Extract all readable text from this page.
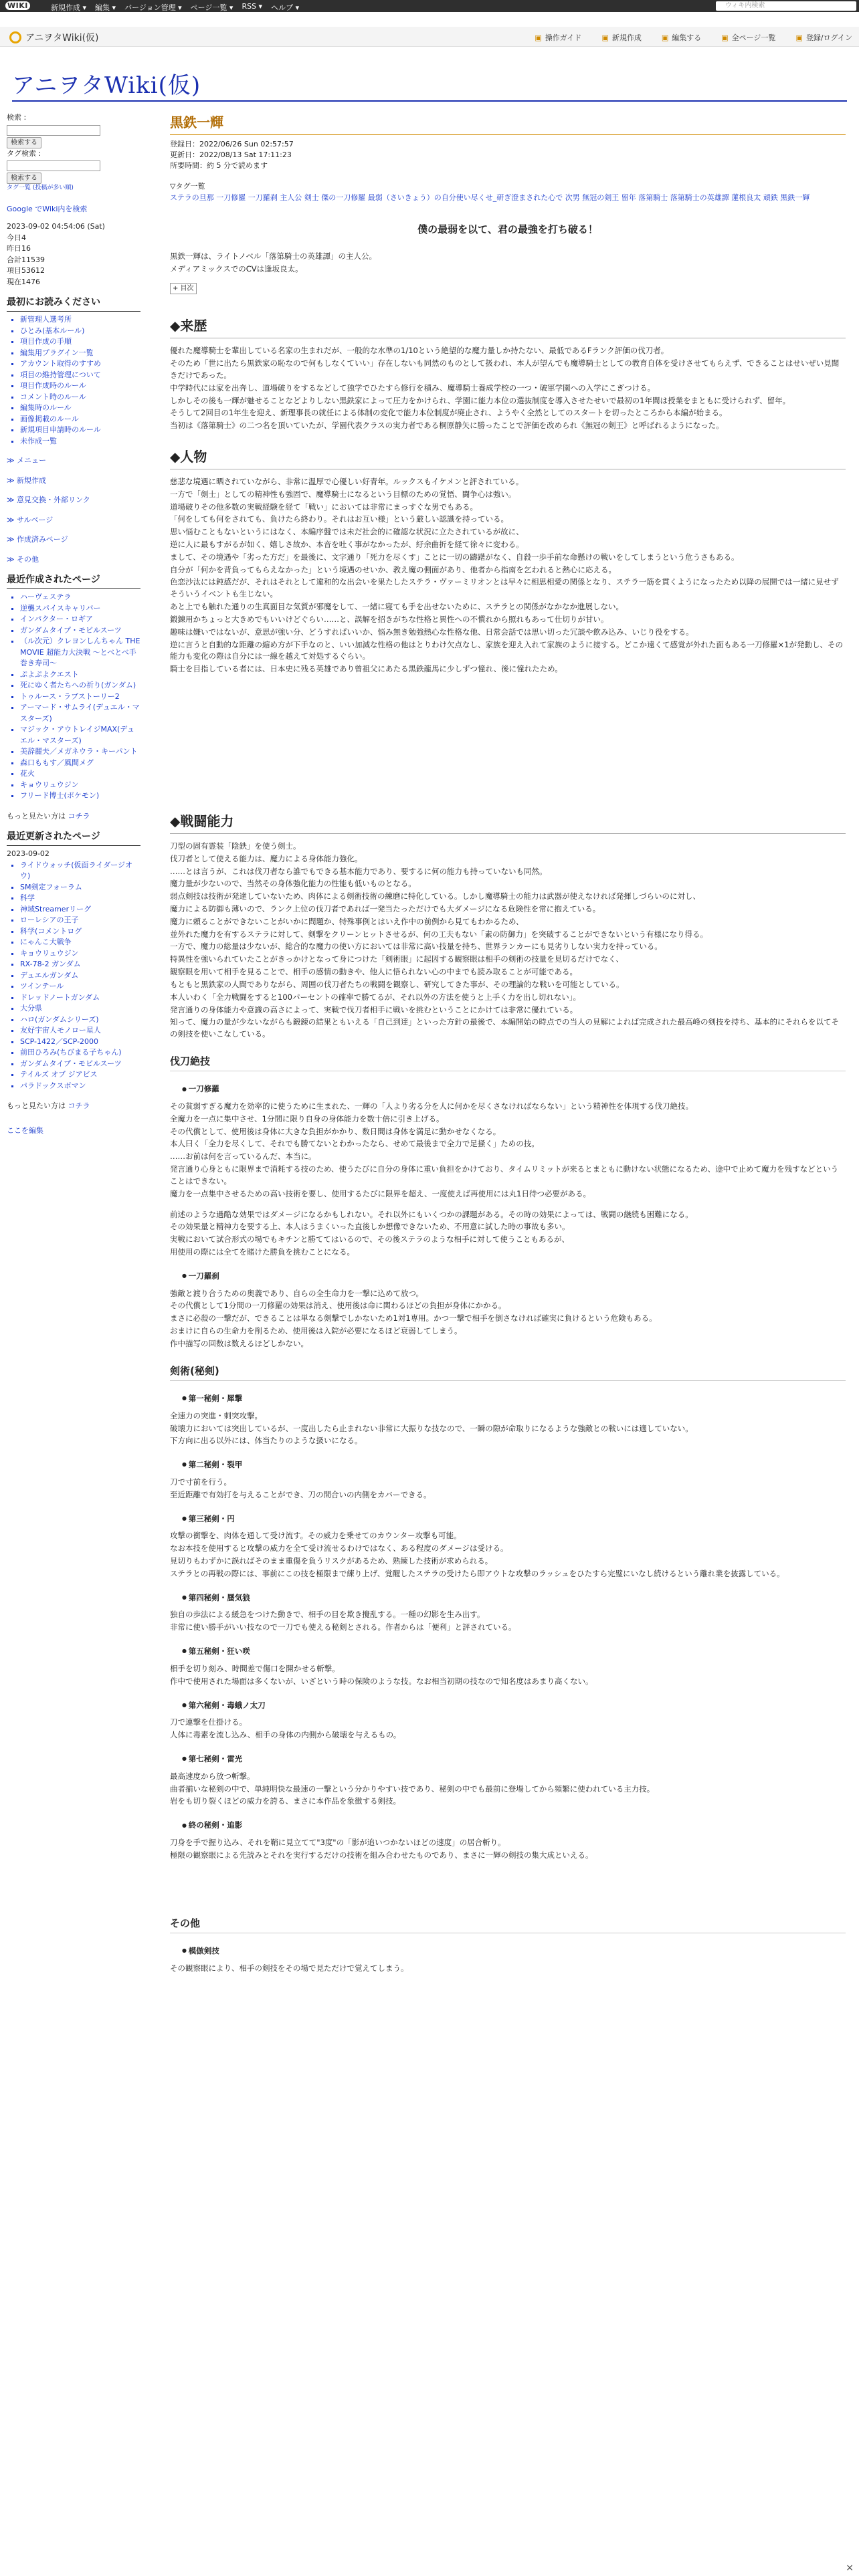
WIKI	新規作成 ▾ 編集 ▾ バージョン管理 ▾ ページ一覧 ▾ RSS ▾ ヘルプ ▾	ウィキ内検索
アニヲタWiki(仮)	▣ 操作ガイド	▣ 新規作成	▣ 編集する	▣ 全ページ一覧	▣ 登録/ログイン
アニヲタWiki(仮)
検索 :
検索する
タグ検索 :
検索する
タグ一覧 (投稿が多い順)
Google でWiki内を検索
2023-09-02 04:54:06 (Sat)
今日4
昨日16
合計11539
項目53612
現在1476
最初にお読みください
▪ 新管理人選考所
▪ ひとみ(基本ルール)
▪ 項目作成の手順
▪ 編集用プラグイン一覧
▪ アカウント取得のすすめ
▪ 項目の維持管理について
▪ 項目作成時のルール
▪ コメント時のルール
▪ 編集時のルール
▪ 画像掲載のルール
▪ 新規項目申請時のルール
▪ 未作成一覧
≫ メニュー
≫ 新規作成
≫ 意見交換・外部リンク
≫ サルベージ
≫ 作成済みページ
≫ その他
最近作成されたページ
▪ ハーヴェステラ
▪ 逆襲スパイスキャリバー
▪ インパクター・ロギア
▪ ガンダムタイプ・モビルスーツ
▪ （ル次元）クレヨンしんちゃん THE MOVIE 超能力大決戦 〜とべとべ手巻き寿司〜
▪ ぷよぷよクエスト
▪ 死にゆく者たちへの祈り(ガンダム)
▪ トゥルース・ラブストーリー2
▪ アーマード・サムライ(デュエル・マスターズ)
▪ マジック・アウトレイジMAX(デュエル・マスターズ)
▪ 美辞麗夫／メガネウラ・キーパント
▪ 森口ももす／風間メグ
▪ 花火
▪ キョウリュウジン
▪ フリード博士(ポケモン)
もっと見たい方は コチラ
最近更新されたページ
2023-09-02
▪ ライドウォッチ(仮面ライダージオウ)
▪ SM剣定フォーラム
▪ 科学
▪ 神域Streamerリーグ
▪ ローレシアの王子
▪ 科学(コメントログ
▪ にゃんこ大戦争
▪ キョウリュウジン
▪ RX-78-2 ガンダム
▪ デュエルガンダム
▪ ツインテール
▪ ドレッドノートガンダム
▪ 大分県
▪ ハロ(ガンダムシリーズ)
▪ 友好宇宙人モノロー星人
▪ SCP-1422／SCP-2000
▪ 前田ひろみ(ちびまる子ちゃん)
▪ ガンダムタイプ・モビルスーツ
▪ テイルズ オブ ジアビス
▪ パラドックスボマン
もっと見たい方は コチラ
ここを編集
黒鉄一輝
登録日：2022/06/26 Sun 02:57:57
更新日：2022/08/13 Sat 17:11:23
所要時間：約 5 分で読めます
▽タグ一覧
ステラの旦那 一刀修羅 一刀羅刹 主人公 剣士 傑の一刀修羅 最弱（さいきょう）の自分使い尽くせ_研ぎ澄まされた心で 次男 無冠の剣王 留年 落第騎士 落第騎士の英雄譚 蓮根良太 頑鉄 黒鉄一輝
僕の最弱を以て、君の最強を打ち破る！

黒鉄一輝は、ライトノベル「落第騎士の英雄譚」の主人公。

メディアミックスでのCVは逢坂良太。

+ 目次
◆来歴

優れた魔導騎士を輩出している名家の生まれだが、一般的な水準の1/10という絶望的な魔力量しか持たない、最低であるFランク評価の伐刀者。

そのため「世に出たら黒鉄家の恥なので何もしなくていい」存在しないも同然のものとして扱われ、本人が望んでも魔導騎士としての教育自体を受けさせてもらえず、できることはせいぜい見聞きだけであった。

中学時代には家を出奔し、道場破りをするなどして独学でひたすら修行を積み、魔導騎士養成学校の一つ・破軍学園への入学にこぎつける。

しかしその後も一輝が魅せることなどよりしない黒鉄家によって圧力をかけられ、学園に能力本位の選抜制度を導入させたせいで最初の1年間は授業をまともに受けられず、留年。

そうして2回目の1年生を迎え、新理事長の就任による体制の変化で能力本位制度が廃止され、ようやく全然としてのスタートを切ったところから本編が始まる。

当初は《落第騎士》の二つ名を頂いていたが、学園代表クラスの実力者である桐原静矢に勝ったことで評価を改められ《無冠の剣王》と呼ばれるようになった。

◆人物

慈悲な境遇に晒されていながら、非常に温厚で心優しい好青年。ルックスもイケメンと評されている。

一方で「剣士」としての精神性も強固で、魔導騎士になるという目標のための覚悟、闘争心は強い。

道場破りその他多数の実戦経験を経て「戦い」においては非常にまっすぐな男でもある。

「何をしても何をされても、負けたら終わり。それはお互い様」という厳しい認識を持っている。

思い悩むこともないというにはなく、本編序盤では未だ社会的に確認な状況に立たされているが故に、

逆に人に最もすがるが如く、嬉しさ故か、本音を吐く事がなかったが、紆余曲折を経て徐々に変わる。

まして、その境遇や「劣った方だ」を最後に、文字通り「死力を尽くす」ことに一切の躊躇がなく、自殺一歩手前な命懸けの戦いをしてしまうという危うさもある。

自分が「何かを背負ってもらえなかった」という境遇のせいか、教え魔の側面があり、他者から指南を乞われると熱心に応える。

色恋沙汰には鈍感だが、それはそれとして違和的な出会いを果たしたステラ・ヴァーミリオンとは早々に相思相愛の関係となり、ステラ一筋を貫くようになったため以降の展開では一緒に見せずそういうイベントも生じない。

あと上でも触れた通りの生真面目な気質が邪魔をして、一緒に寝ても手を出せないために、ステラとの関係がなかなか進展しない。

鍛錬用かちょっと大きめでもいいけどぐらい……と、誤解を招きがちな性格と異性への不慣れから照れもあって仕切りが甘い。

趣味は嫌いではないが、意思が強い分、どうすればいいか、悩み無き勉強熱心な性格な他、日常会話では思い切った冗談や飲み込み、いじり役をする。

逆に言うと自動的な距離の縮め方が下手なのと、いい加減な性格の他はとりわけ欠点なし、家族を迎え入れて家族のように接する。どこか遠くて感覚が外れた面もある一刀修羅×1が発動し、その能力も変化の際は自分には一線を越えて対処するぐらい。

騎士を目指している者には、日本史に残る英雄であり曾祖父にあたる黒鉄龍馬に少しずつ憧れ、後に憧れたため。

◆戦闘能力

刀型の固有霊装「陰鉄」を使う剣士。

伐刀者として使える能力は、魔力による身体能力強化。

……とは言うが、これは伐刀者なら誰でもできる基本能力であり、要するに何の能力も持っていないも同然。

魔力量が少ないので、当然その身体強化能力の性能も低いものとなる。

弱点剣技は技術が発達していないため、肉体による剣術技術の練磨に特化している。しかし魔導騎士の能力は武器が使えなければ発揮しづらいのに対し、

魔力による防御も薄いので、ランク上位の伐刀者であれば一発当たっただけでも大ダメージになる危険性を常に抱えている。

魔力に頼ることができないことがいかに問題か、特殊事例とはいえ作中の前例から見てもわかるため、

並外れた魔力を有するステラに対して、剣撃をクリーンヒットさせるが、何の工夫もない「素の防御力」を突破することができないという有様になり得る。

一方で、魔力の総量は少ないが、総合的な魔力の使い方においては非常に高い技量を持ち、世界ランカーにも見劣りしない実力を持っている。

特異性を強いられていたことがきっかけとなって身につけた「剣術眼」に起因する観察眼は相手の剣術の技量を見切るだけでなく、

観察眼を用いて相手を見ることで、相手の感情の動きや、他人に悟られない心の中までも読み取ることが可能である。

もともと黒鉄家の人間でありながら、周囲の伐刀者たちの戦闘を観察し、研究してきた事が、その理論的な戦いを可能としている。

本人いわく「全力戦闘をすると100パーセントの確率で勝てるが、それ以外の方法を使うと上手く力を出し切れない」。

発言通りの身体能力や意識の高さによって、実戦で伐刀者相手に戦いを挑むということにかけては非常に優れている。

知って、魔力の量が少ないながらも鍛錬の結果ともいえる「自己到達」といった方針の最後で、本編開始の時点での当人の見解によれば完成された最高峰の剣技を持ち、基本的にそれらを以てその剣技を使いこなしている。

伐刀絶技
● 一刀修羅

その貧弱すぎる魔力を効率的に使うために生まれた、一輝の「人より劣る分を人に何かを尽くさなければならない」という精神性を体現する伐刀絶技。

全魔力を一点に集中させ、1分間に限り自身の身体能力を数十倍に引き上げる。

その代償として、使用後は身体に大きな負担がかかり、数日間は身体を満足に動かせなくなる。

本人曰く「全力を尽くして、それでも勝てないとわかったなら、せめて最後まで全力で足掻く」ための技。

……お前は何を言っているんだ、本当に。

発言通り心身ともに限界まで消耗する技のため、使うたびに自分の身体に重い負担をかけており、タイムリミットが来るとまともに動けない状態になるため、途中で止めて魔力を残すなどということはできない。

魔力を一点集中させるための高い技術を要し、使用するたびに限界を超え、一度使えば再使用には丸1日待つ必要がある。

前述のような過酷な効果ではダメージになるかもしれない。それ以外にもいくつかの課題がある。その時の効果によっては、戦闘の継続も困難になる。

その効果量と精神力を要する上、本人はうまくいった直後しか想像できないため、不用意に試した時の事故も多い。

実戦において試合形式の場でもキチンと勝ててはいるので、その後ステラのような相手に対して使うこともあるが、

用使用の際には全てを賭けた勝負を挑むことになる。

● 一刀羅刹

強敵と渡り合うための奥義であり、自らの全生命力を一撃に込めて放つ。

その代償として1分間の一刀修羅の効果は消え、使用後は命に関わるほどの負担が身体にかかる。

まさに必殺の一撃だが、できることは単なる剣撃でしかないため1対1専用。かつ一撃で相手を倒さなければ確実に負けるという危険もある。

おまけに自らの生命力を削るため、使用後は入院が必要になるほど衰弱してしまう。

作中描写の回数は数えるほどしかない。

剣術(秘剣)
● 第一秘剣・犀撃

全速力の突進・刺突攻撃。

破壊力においては突出しているが、一度出したら止まれない非常に大振りな技なので、一瞬の隙が命取りになるような強敵との戦いには適していない。

下方向に出る以外には、体当たりのような扱いになる。

● 第二秘剣・裂甲

刀で寸前を行う。

至近距離で有効打を与えることができ、刀の間合いの内側をカバーできる。

● 第三秘剣・円

攻撃の衝撃を、肉体を通して受け流す。その威力を乗せてのカウンター攻撃も可能。

なお本技を使用すると攻撃の威力を全て受け流せるわけではなく、ある程度のダメージは受ける。

見切りもわずかに誤ればそのまま重傷を負うリスクがあるため、熟練した技術が求められる。

ステラとの再戦の際には、事前にこの技を極限まで練り上げ、覚醒したステラの受けたら即アウトな攻撃のラッシュをひたすら完璧にいなし続けるという離れ業を披露している。

● 第四秘剣・蜃気狼

独自の歩法による緩急をつけた動きで、相手の目を欺き攪乱する。一種の幻影を生み出す。

非常に使い勝手がいい技なので一刀でも使える秘剣とされる。作者からは「便利」と評されている。

● 第五秘剣・狂い咲

相手を切り刻み、時間差で傷口を開かせる斬撃。

作中で使用された場面は多くないが、いざという時の保険のような技。なお相当初期の技なので知名度はあまり高くない。

● 第六秘剣・毒蛾ノ太刀

刀で連撃を仕掛ける。

人体に毒素を流し込み、相手の身体の内側から破壊を与えるもの。

● 第七秘剣・雷光

最高速度から放つ斬撃。

曲者揃いな秘剣の中で、単純明快な最速の一撃という分かりやすい技であり、秘剣の中でも最前に登場してから頻繁に使われている主力技。

岩をも切り裂くほどの威力を誇る、まさに本作品を象徴する剣技。

● 終の秘剣・追影

刀身を手で握り込み、それを鞘に見立てて"3度"の「影が追いつかないほどの速度」の居合斬り。

極限の観察眼による先読みとそれを実行するだけの技術を組み合わせたものであり、まさに一輝の剣技の集大成といえる。

その他
● 模倣剣技

その観察眼により、相手の剣技をその場で見ただけで覚えてしまう。

×
